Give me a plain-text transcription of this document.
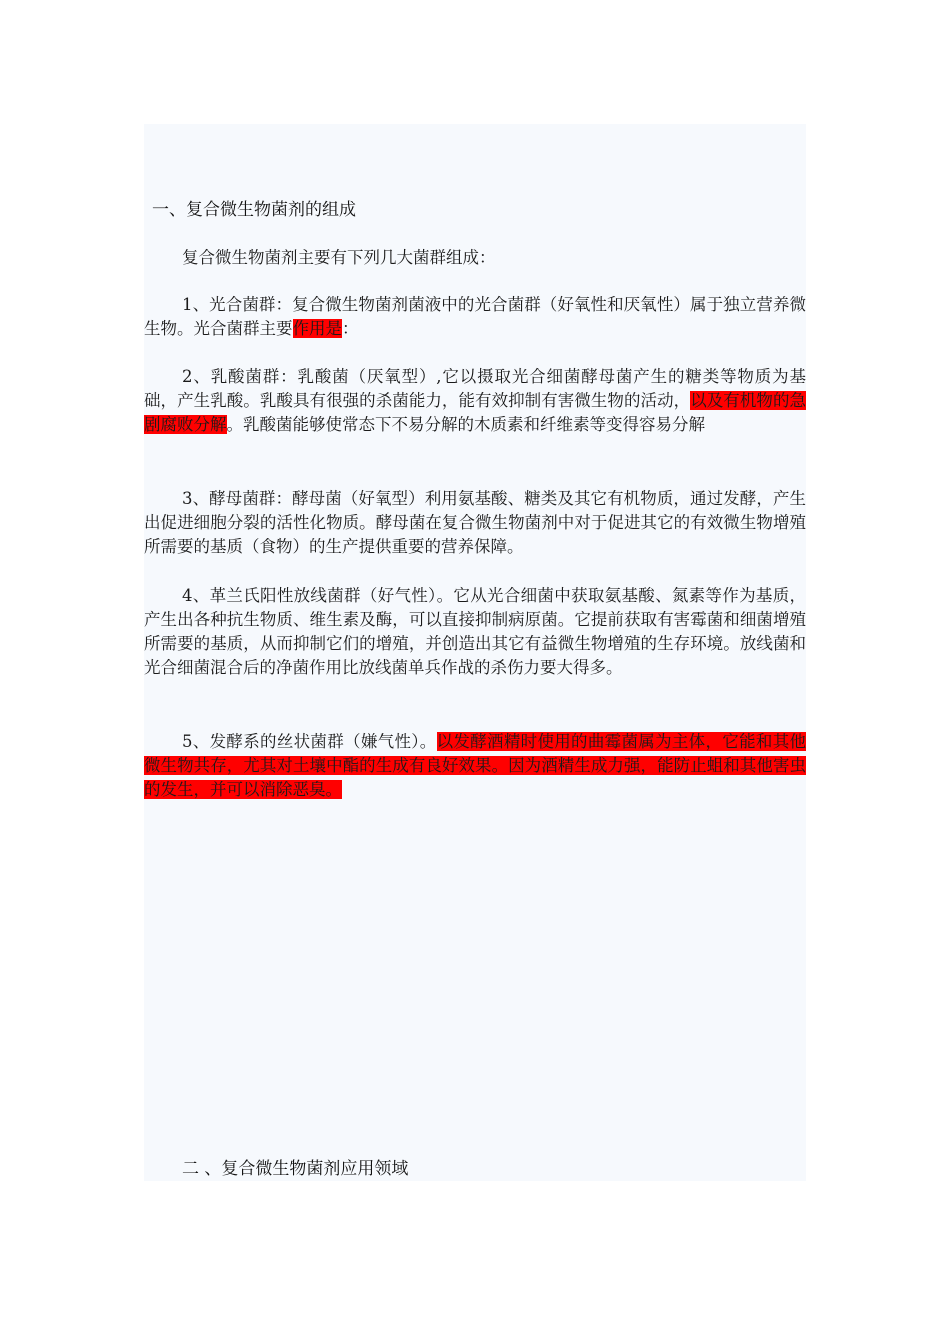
一、复合微生物菌剂的组成
复合微生物菌剂主要有下列几大菌群组成：
1、光合菌群：复合微生物菌剂菌液中的光合菌群（好氧性和厌氧性）属于独立营养微生物。光合菌群主要作用是：
2、乳酸菌群：乳酸菌（厌氧型）,它以摄取光合细菌酵母菌产生的糖类等物质为基础，产生乳酸。乳酸具有很强的杀菌能力，能有效抑制有害微生物的活动，以及有机物的急剧腐败分解。乳酸菌能够使常态下不易分解的木质素和纤维素等变得容易分解
3、酵母菌群：酵母菌（好氧型）利用氨基酸、糖类及其它有机物质，通过发酵，产生出促进细胞分裂的活性化物质。酵母菌在复合微生物菌剂中对于促进其它的有效微生物增殖所需要的基质（食物）的生产提供重要的营养保障。
4、革兰氏阳性放线菌群（好气性）。它从光合细菌中获取氨基酸、氮素等作为基质，产生出各种抗生物质、维生素及酶，可以直接抑制病原菌。它提前获取有害霉菌和细菌增殖所需要的基质，从而抑制它们的增殖，并创造出其它有益微生物增殖的生存环境。放线菌和光合细菌混合后的净菌作用比放线菌单兵作战的杀伤力要大得多。
5、发酵系的丝状菌群（嫌气性）。以发酵酒精时使用的曲霉菌属为主体，它能和其他微生物共存，尤其对土壤中酯的生成有良好效果。因为酒精生成力强，能防止蛆和其他害虫的发生，并可以消除恶臭。
二 、复合微生物菌剂应用领域
